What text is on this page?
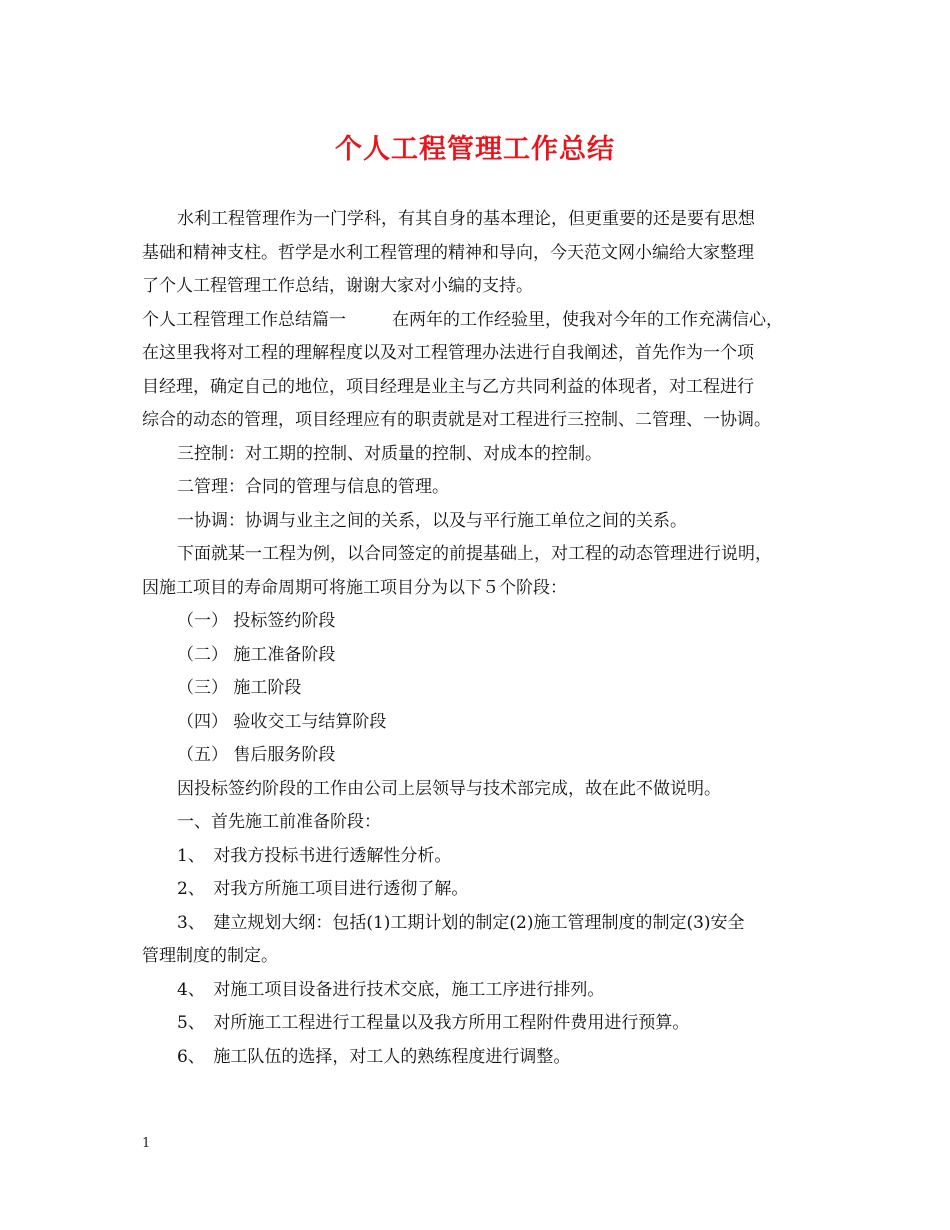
个人工程管理工作总结
水利工程管理作为一门学科，有其自身的基本理论，但更重要的还是要有思想
基础和精神支柱。哲学是水利工程管理的精神和导向，今天范文网小编给大家整理
了个人工程管理工作总结，谢谢大家对小编的支持。
个人工程管理工作总结篇一	在两年的工作经验里，使我对今年的工作充满信心，
在这里我将对工程的理解程度以及对工程管理办法进行自我阐述，首先作为一个项
目经理，确定自己的地位，项目经理是业主与乙方共同利益的体现者，对工程进行
综合的动态的管理，项目经理应有的职责就是对工程进行三控制、二管理、一协调。
三控制：对工期的控制、对质量的控制、对成本的控制。
二管理：合同的管理与信息的管理。
一协调：协调与业主之间的关系，以及与平行施工单位之间的关系。
下面就某一工程为例，以合同签定的前提基础上，对工程的动态管理进行说明，
因施工项目的寿命周期可将施工项目分为以下５个阶段：
（一） 投标签约阶段
（二） 施工准备阶段
（三） 施工阶段
（四） 验收交工与结算阶段
（五） 售后服务阶段
因投标签约阶段的工作由公司上层领导与技术部完成，故在此不做说明。
一、首先施工前准备阶段：
1、　对我方投标书进行透解性分析。
2、　对我方所施工项目进行透彻了解。
3、　建立规划大纲：包括(1)工期计划的制定(2)施工管理制度的制定(3)安全
管理制度的制定。
4、　对施工项目设备进行技术交底，施工工序进行排列。
5、　对所施工工程进行工程量以及我方所用工程附件费用进行预算。
6、　施工队伍的选择，对工人的熟练程度进行调整。
1
